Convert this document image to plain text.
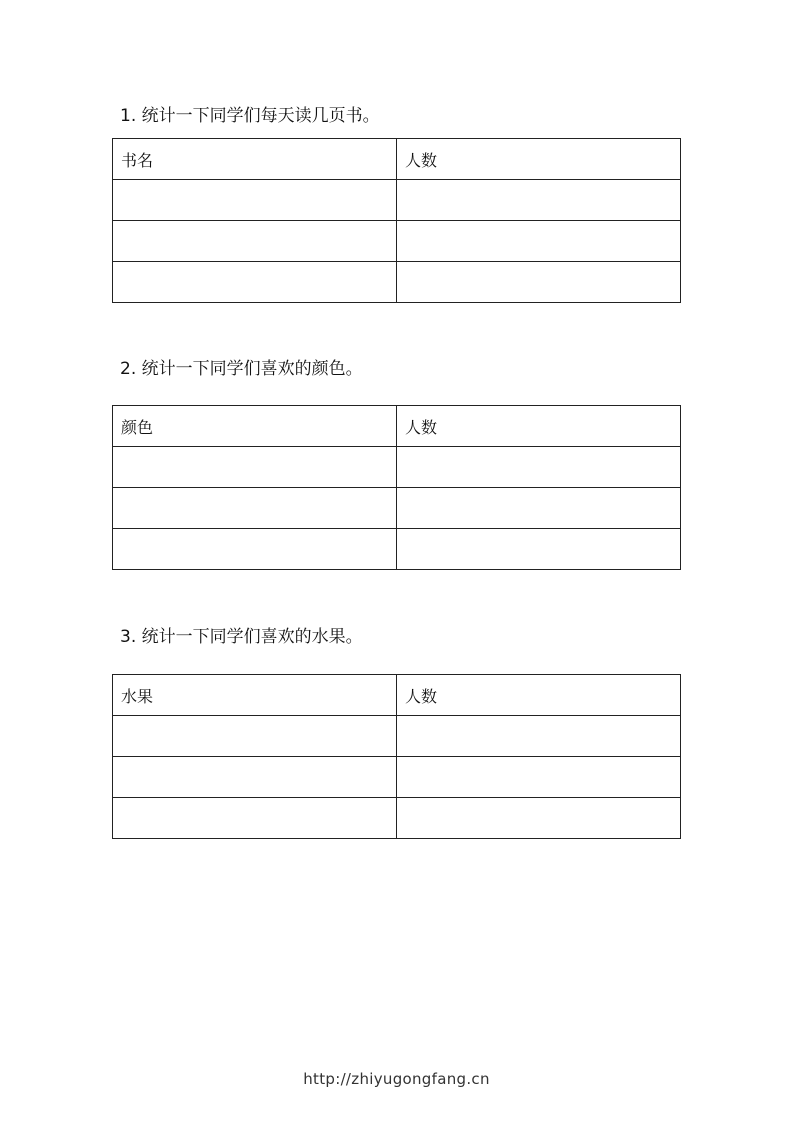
1. 统计一下同学们每天读几页书。
书名	人数

2. 统计一下同学们喜欢的颜色。
颜色	人数

3. 统计一下同学们喜欢的水果。
水果	人数

http://zhiyugongfang.cn
